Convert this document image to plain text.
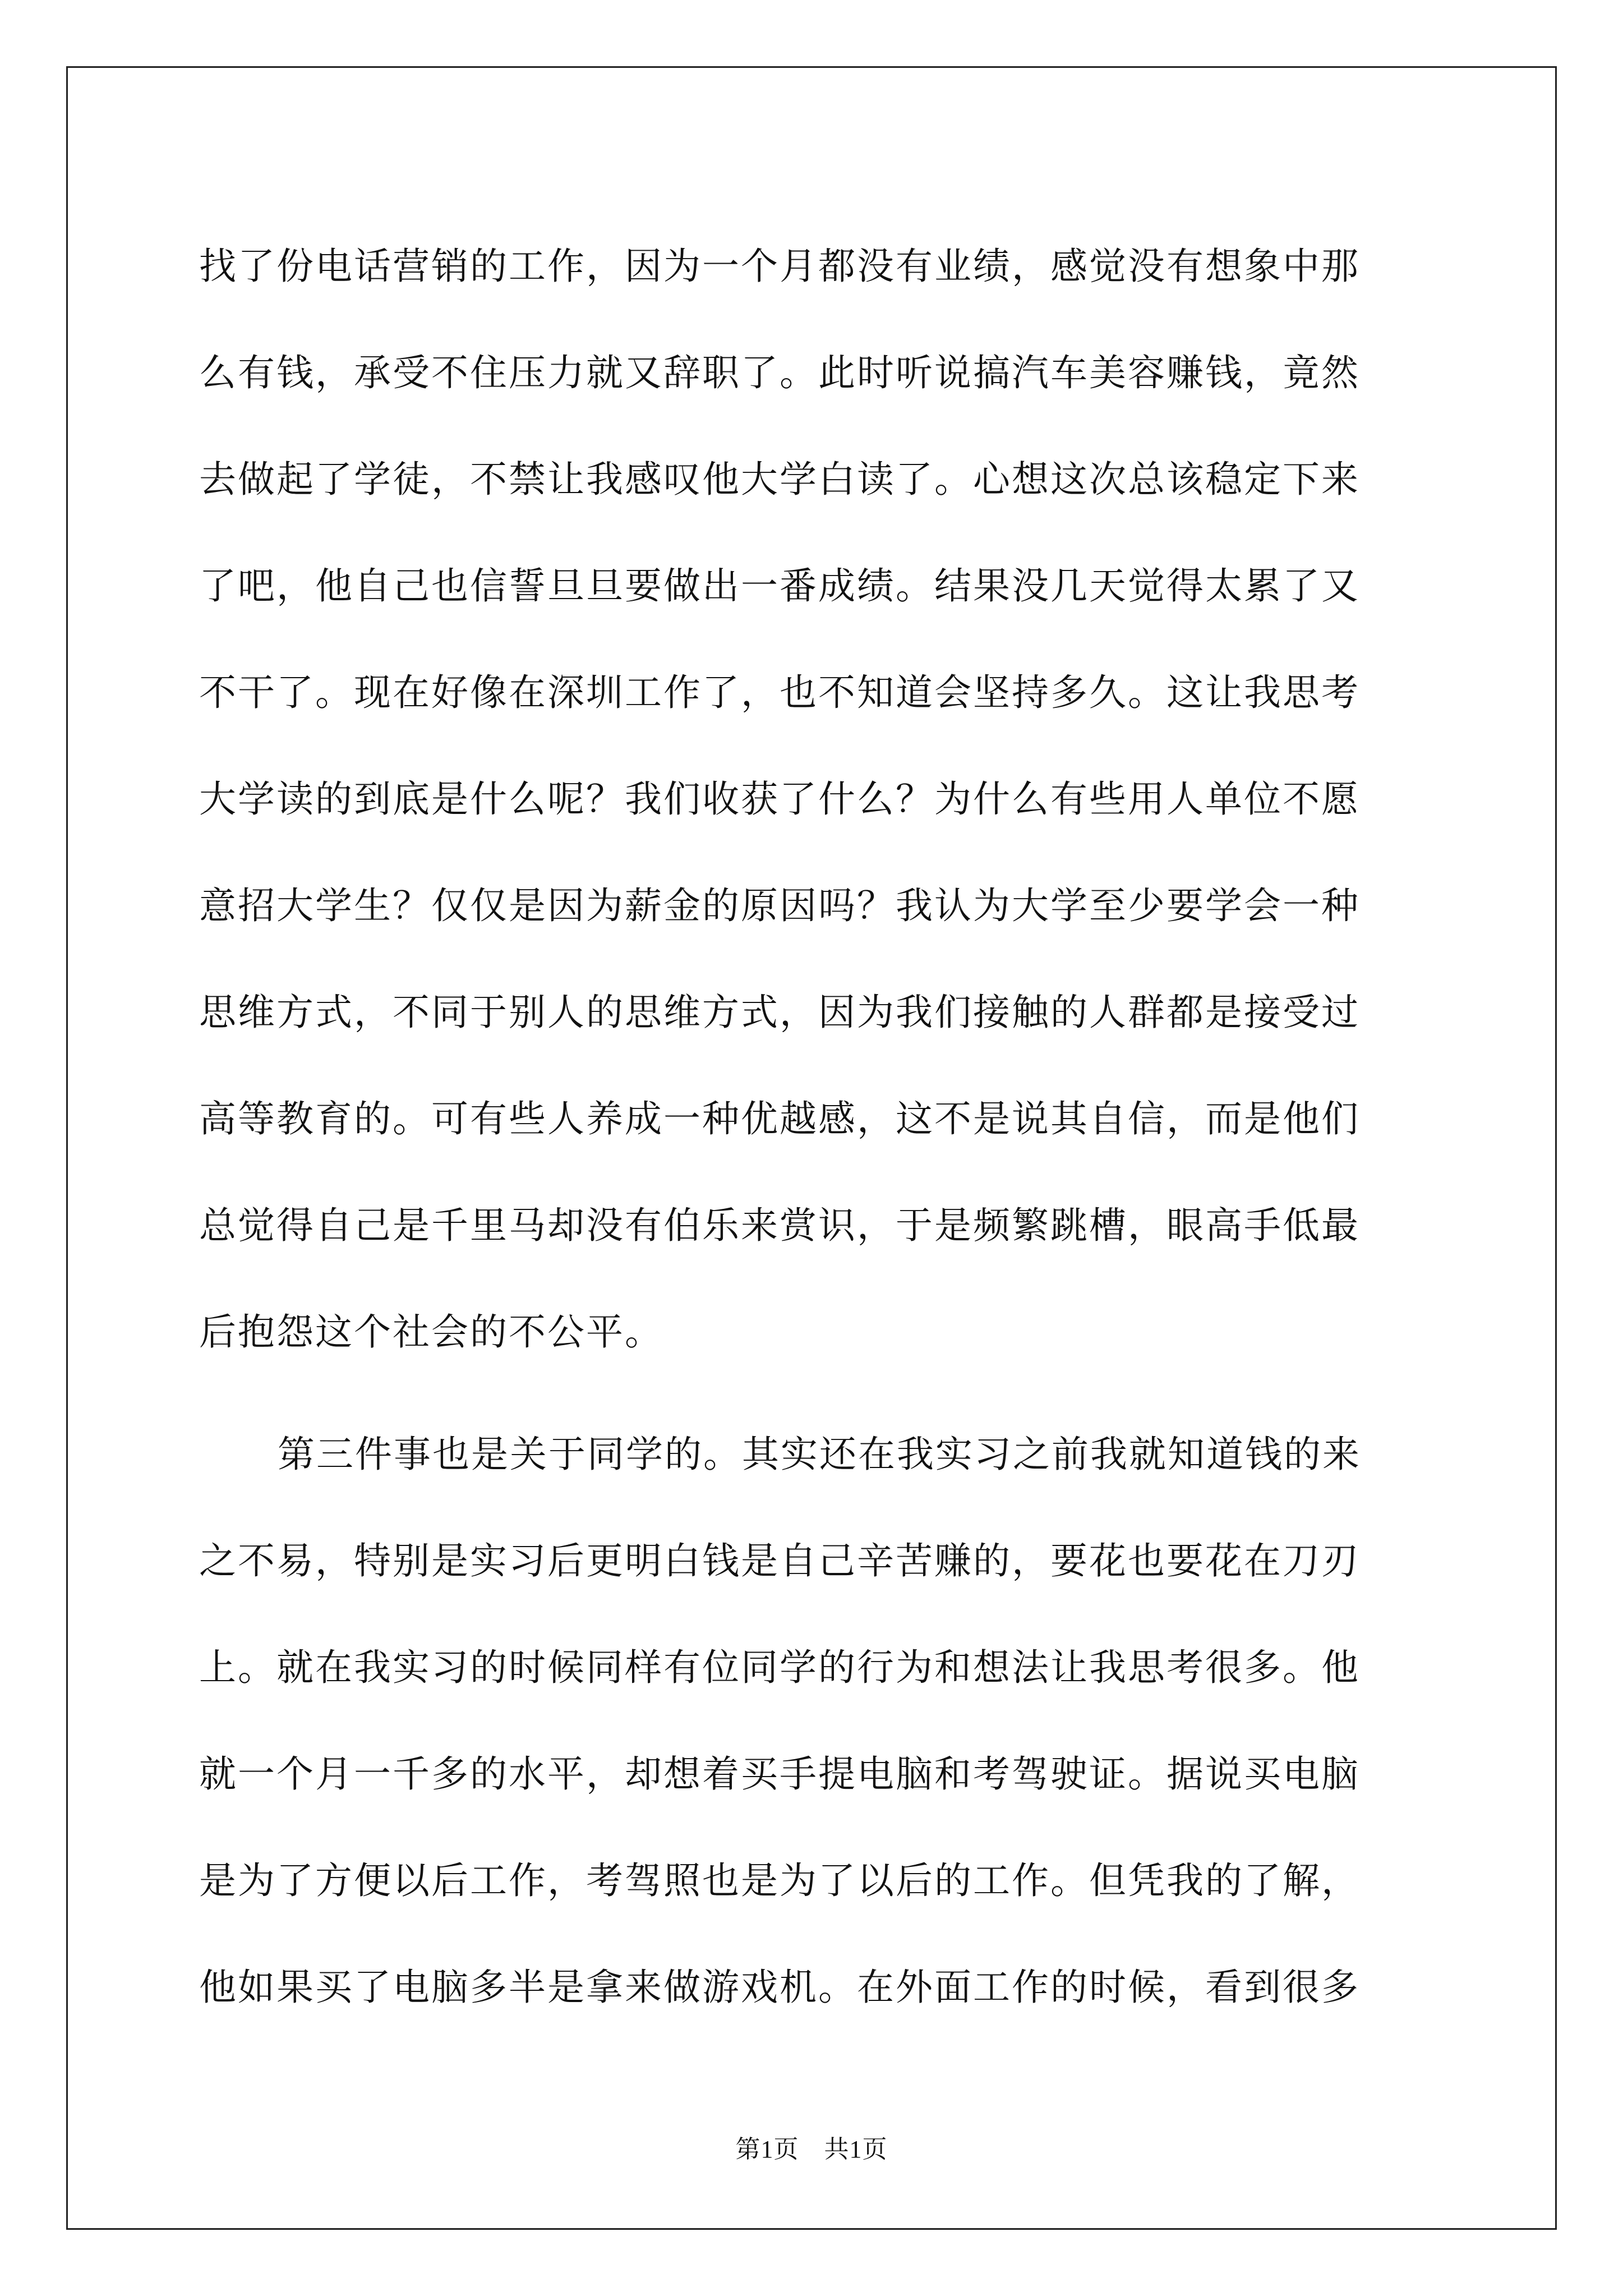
找了份电话营销的工作，因为一个月都没有业绩，感觉没有想象中那
么有钱，承受不住压力就又辞职了。此时听说搞汽车美容赚钱，竟然
去做起了学徒，不禁让我感叹他大学白读了。心想这次总该稳定下来
了吧，他自己也信誓旦旦要做出一番成绩。结果没几天觉得太累了又
不干了。现在好像在深圳工作了，也不知道会坚持多久。这让我思考
大学读的到底是什么呢？我们收获了什么？为什么有些用人单位不愿
意招大学生？仅仅是因为薪金的原因吗？我认为大学至少要学会一种
思维方式，不同于别人的思维方式，因为我们接触的人群都是接受过
高等教育的。可有些人养成一种优越感，这不是说其自信，而是他们
总觉得自己是千里马却没有伯乐来赏识，于是频繁跳槽，眼高手低最
后抱怨这个社会的不公平。
第三件事也是关于同学的。其实还在我实习之前我就知道钱的来
之不易，特别是实习后更明白钱是自己辛苦赚的，要花也要花在刀刃
上。就在我实习的时候同样有位同学的行为和想法让我思考很多。他
就一个月一千多的水平，却想着买手提电脑和考驾驶证。据说买电脑
是为了方便以后工作，考驾照也是为了以后的工作。但凭我的了解，
他如果买了电脑多半是拿来做游戏机。在外面工作的时候，看到很多
第1页　共1页
